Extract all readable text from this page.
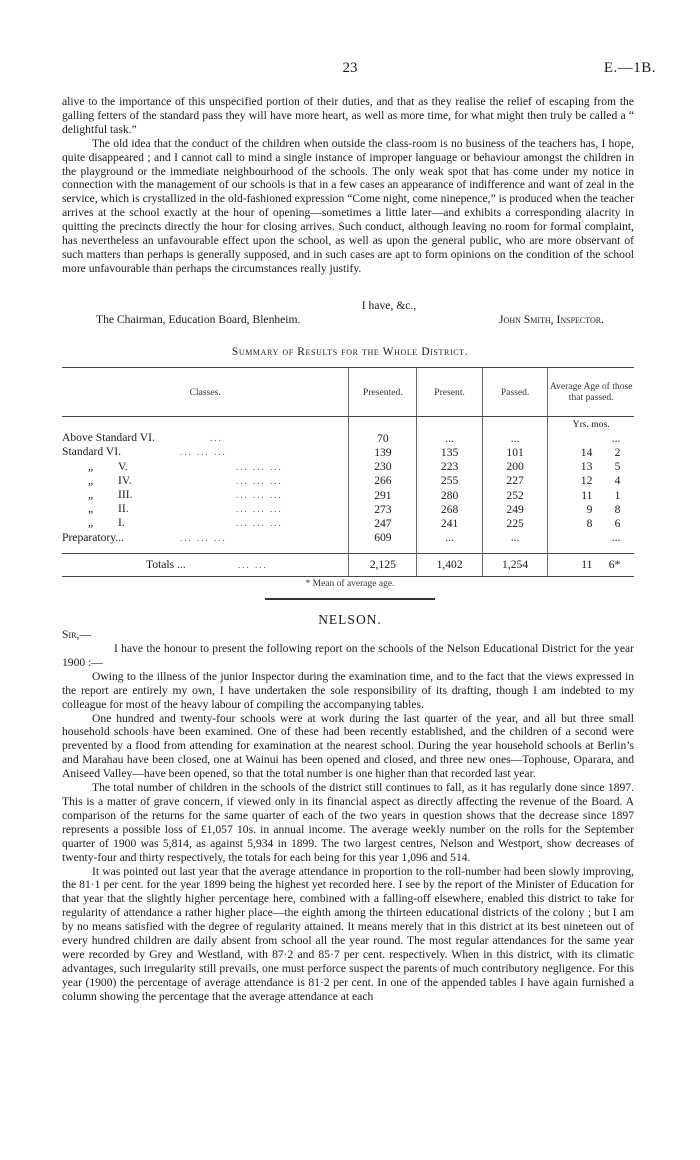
23	E.—1B.

alive to the importance of this unspecified portion of their duties, and that as they realise the relief of escaping from the galling fetters of the standard pass they will have more heart, as well as more time, for what might then truly be called a “ delightful task.”

The old idea that the conduct of the children when outside the class-room is no business of the teachers has, I hope, quite disappeared ; and I cannot call to mind a single instance of improper language or behaviour amongst the children in the playground or the immediate neighbourhood of the schools. The only weak spot that has come under my notice in connection with the management of our schools is that in a few cases an appearance of indifference and want of zeal in the service, which is crystallized in the old-fashioned expression “Come night, come ninepence,” is produced when the teacher arrives at the school exactly at the hour of opening—sometimes a little later—and exhibits a corresponding alacrity in quitting the precincts directly the hour for closing arrives. Such conduct, although leaving no room for formal complaint, has nevertheless an unfavourable effect upon the school, as well as upon the general public, who are more observant of such matters than perhaps is generally supposed, and in such cases are apt to form opinions on the condition of the school more unfavourable than perhaps the circumstances really justify.

I have, &c.,
The Chairman, Education Board, Blenheim.	John Smith, Inspector.
Summary of Results for the Whole District.
Classes.	Presented.	Present.	Passed.	Average Age of those that passed.
				Yrs. mos.
Above Standard VI. ...	70	...	...	...
Standard VI. ... ... ...	139	135	101	14 2
„ V. ... ... ...	230	223	200	13 5
„ IV. ... ... ...	266	255	227	12 4
„ III. ... ... ...	291	280	252	11 1
„ II. ... ... ...	273	268	249	9 8
„ I. ... ... ...	247	241	225	8 6
Preparatory... ... ... ...	609	...	...	...

Totals ... ... ...	2,125	1,402	1,254	11 6*
* Mean of average age.
NELSON.
Sir,—

I have the honour to present the following report on the schools of the Nelson Educational District for the year 1900 :—

Owing to the illness of the junior Inspector during the examination time, and to the fact that the views expressed in the report are entirely my own, I have undertaken the sole responsibility of its drafting, though I am indebted to my colleague for most of the heavy labour of compiling the accompanying tables.

One hundred and twenty-four schools were at work during the last quarter of the year, and all but three small household schools have been examined. One of these had been recently established, and the children of a second were prevented by a flood from attending for examination at the nearest school. During the year household schools at Berlin’s and Marahau have been closed, one at Wainui has been opened and closed, and three new ones—Tophouse, Oparara, and Aniseed Valley—have been opened, so that the total number is one higher than that recorded last year.

The total number of children in the schools of the district still continues to fall, as it has regularly done since 1897. This is a matter of grave concern, if viewed only in its financial aspect as directly affecting the revenue of the Board. A comparison of the returns for the same quarter of each of the two years in question shows that the decrease since 1897 represents a possible loss of £1,057 10s. in annual income. The average weekly number on the rolls for the September quarter of 1900 was 5,814, as against 5,934 in 1899. The two largest centres, Nelson and Westport, show decreases of twenty-four and thirty respectively, the totals for each being for this year 1,096 and 514.

It was pointed out last year that the average attendance in proportion to the roll-number had been slowly improving, the 81·1 per cent. for the year 1899 being the highest yet recorded here. I see by the report of the Minister of Education for that year that the slightly higher percentage here, combined with a falling-off elsewhere, enabled this district to take for regularity of attendance a rather higher place—the eighth among the thirteen educational districts of the colony ; but I am by no means satisfied with the degree of regularity attained. It means merely that in this district at its best nineteen out of every hundred children are daily absent from school all the year round. The most regular attendances for the same year were recorded by Grey and Westland, with 87·2 and 85·7 per cent. respectively. When in this district, with its climatic advantages, such irregularity still prevails, one must perforce suspect the parents of much contributory negligence. For this year (1900) the percentage of average attendance is 81·2 per cent. In one of the appended tables I have again furnished a column showing the percentage that the average attendance at each
